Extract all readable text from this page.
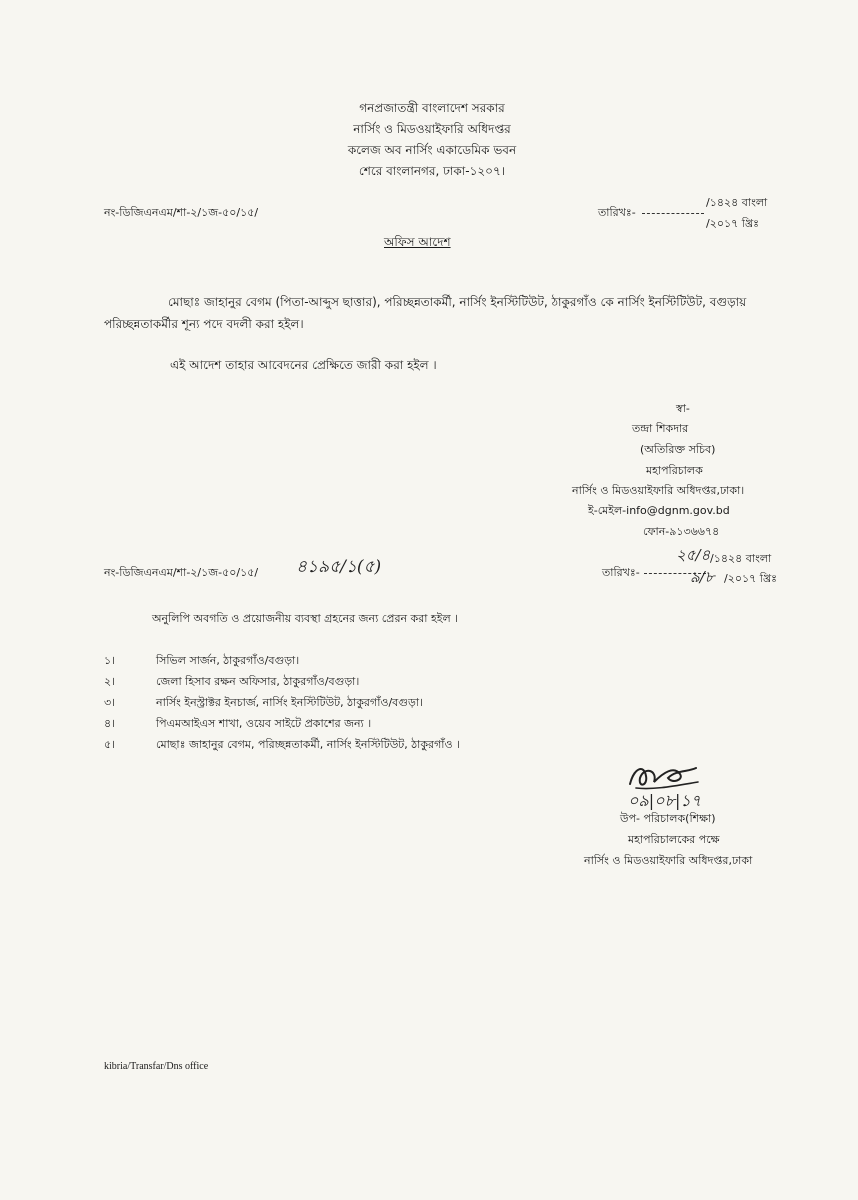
গনপ্রজাতন্ত্রী বাংলাদেশ সরকার
নার্সিং ও মিডওয়াইফারি অধিদপ্তর
কলেজ অব নার্সিং একাডেমিক ভবন
শেরে বাংলানগর, ঢাকা-১২০৭।
নং-ডিজিএনএম/শা-২/১জ-৫০/১৫/	তারিখঃ-
/১৪২৪ বাংলা
/২০১৭ খ্রিঃ
অফিস আদেশ
মোছাঃ জাহানুর বেগম (পিতা-আব্দুস ছাত্তার), পরিচ্ছন্নতাকর্মী, নার্সিং ইনস্টিটিউট, ঠাকুরগাঁও কে নার্সিং ইনস্টিটিউট, বগুড়ায়
পরিচ্ছন্নতাকর্মীর শূন্য পদে বদলী করা হইল।
এই আদেশ তাহার আবেদনের প্রেক্ষিতে জারী করা হইল ।
স্বা-
তন্দ্রা শিকদার
(অতিরিক্ত সচিব)
মহাপরিচালক
নার্সিং ও মিডওয়াইফারি অধিদপ্তর,ঢাকা।
ই-মেইল-info@dgnm.gov.bd
ফোন-৯১৩৬৬৭৪
নং-ডিজিএনএম/শা-২/১জ-৫০/১৫/ ৪১৯৫/১(৫)	তারিখঃ-
২৫/৪ /১৪২৪ বাংলা
৯/৮ /২০১৭ খ্রিঃ
অনুলিপি অবগতি ও প্রয়োজনীয় ব্যবস্থা গ্রহনের জন্য প্রেরন করা হইল ।
১।	সিভিল সার্জন, ঠাকুরগাঁও/বগুড়া।
২।	জেলা হিসাব রক্ষন অফিসার, ঠাকুরগাঁও/বগুড়া।
৩।	নার্সিং ইনস্ট্রাক্টর ইনচার্জ, নার্সিং ইনস্টিটিউট, ঠাকুরগাঁও/বগুড়া।
৪।	পিএমআইএস শাখা, ওয়েব সাইটে প্রকাশের জন্য ।
৫।	মোছাঃ জাহানুর বেগম, পরিচ্ছন্নতাকর্মী, নার্সিং ইনস্টিটিউট, ঠাকুরগাঁও ।
০৯|০৮|১৭
উপ- পরিচালক(শিক্ষা)
মহাপরিচালকের পক্ষে
নার্সিং ও মিডওয়াইফারি অধিদপ্তর,ঢাকা
kibria/Transfar/Dns office
